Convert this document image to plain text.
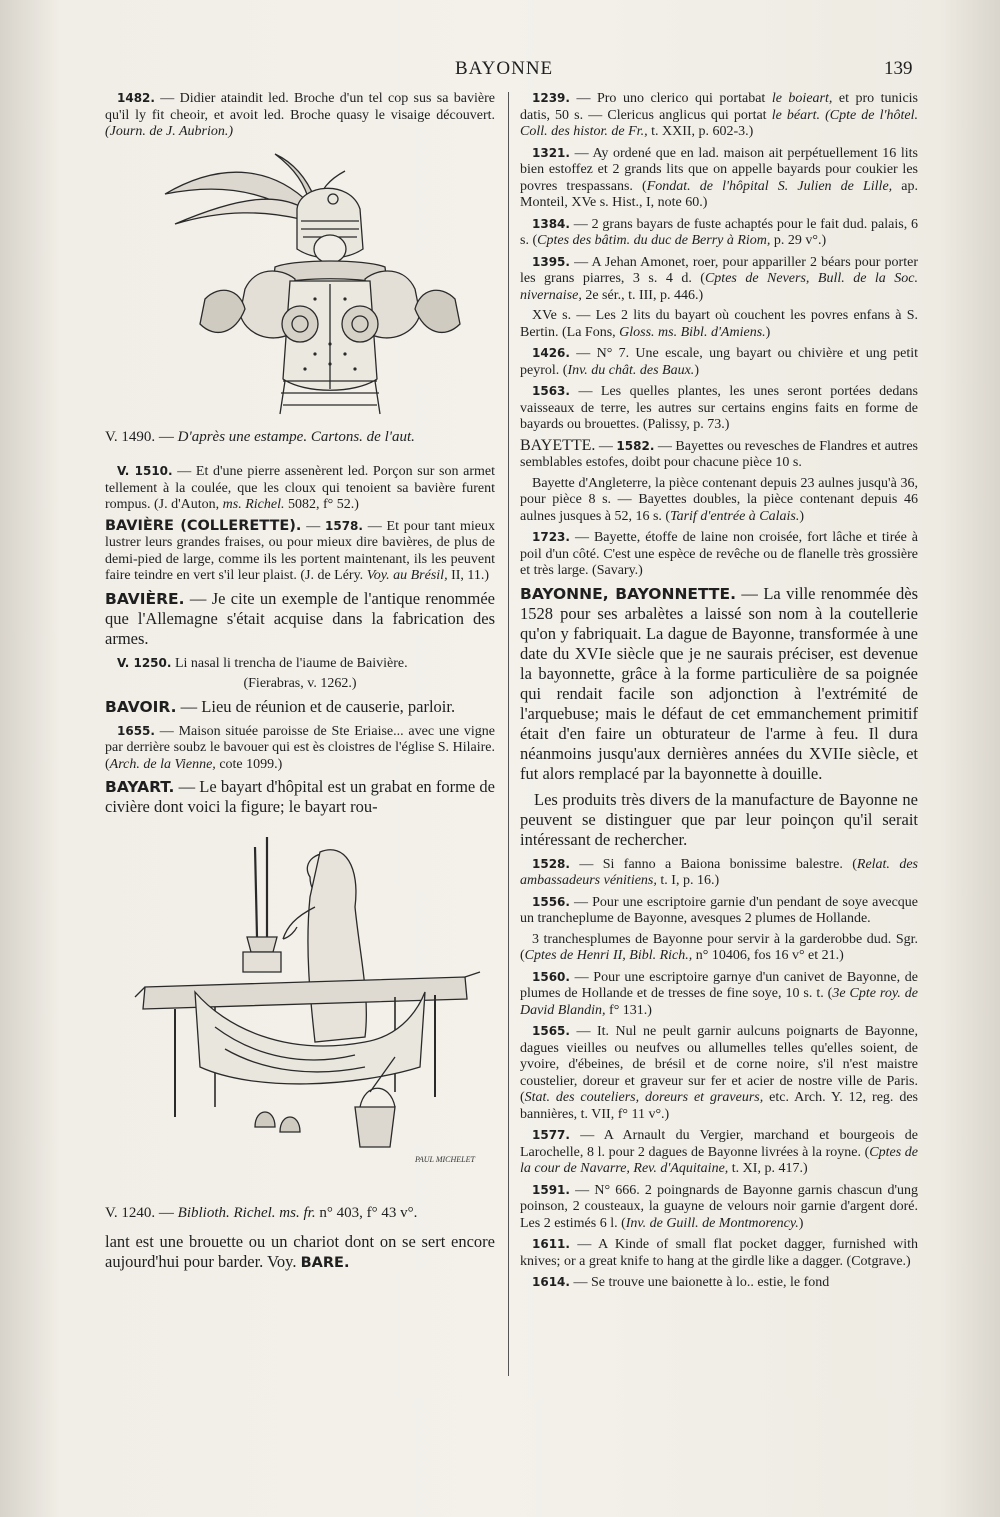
BAYONNE	139

1482. — Didier ataindit led. Broche d'un tel cop sus sa bavière qu'il ly fit cheoir, et avoit led. Broche quasy le visaige découvert. (Journ. de J. Aubrion.)

V. 1490. — D'après une estampe. Cartons. de l'aut.

V. 1510. — Et d'une pierre assenèrent led. Porçon sur son armet tellement à la coulée, que les cloux qui tenoient sa bavière furent rompus. (J. d'Auton, ms. Richel. 5082, f° 52.)

BAVIÈRE (COLLERETTE). — 1578. — Et pour tant mieux lustrer leurs grandes fraises, ou pour mieux dire bavières, de plus de demi-pied de large, comme ils les portent maintenant, ils les peuvent faire teindre en vert s'il leur plaist. (J. de Léry. Voy. au Brésil, II, 11.)

BAVIÈRE. — Je cite un exemple de l'antique renommée que l'Allemagne s'était acquise dans la fabrication des armes.

V. 1250. Li nasal li trencha de l'iaume de Baivière.

(Fierabras, v. 1262.)

BAVOIR. — Lieu de réunion et de causerie, parloir.

1655. — Maison située paroisse de Ste Eriaise... avec une vigne par derrière soubz le bavouer qui est ès cloistres de l'église S. Hilaire. (Arch. de la Vienne, cote 1099.)

BAYART. — Le bayart d'hôpital est un grabat en forme de civière dont voici la figure; le bayart rou-

PAUL MICHELET

V. 1240. — Biblioth. Richel. ms. fr. n° 403, f° 43 v°.

lant est une brouette ou un chariot dont on se sert encore aujourd'hui pour barder. Voy. BARE.

1239. — Pro uno clerico qui portabat le boieart, et pro tunicis datis, 50 s. — Clericus anglicus qui portat le béart. (Cpte de l'hôtel. Coll. des histor. de Fr., t. XXII, p. 602-3.)

1321. — Ay ordené que en lad. maison ait perpétuellement 16 lits bien estoffez et 2 grands lits que on appelle bayards pour coukier les povres trespassans. (Fondat. de l'hôpital S. Julien de Lille, ap. Monteil, XVe s. Hist., I, note 60.)

1384. — 2 grans bayars de fuste achaptés pour le fait dud. palais, 6 s. (Cptes des bâtim. du duc de Berry à Riom, p. 29 v°.)

1395. — A Jehan Amonet, roer, pour appariller 2 béars pour porter les grans piarres, 3 s. 4 d. (Cptes de Nevers, Bull. de la Soc. nivernaise, 2e sér., t. III, p. 446.)

XVe s. — Les 2 lits du bayart où couchent les povres enfans à S. Bertin. (La Fons, Gloss. ms. Bibl. d'Amiens.)

1426. — N° 7. Une escale, ung bayart ou chivière et ung petit peyrol. (Inv. du chât. des Baux.)

1563. — Les quelles plantes, les unes seront portées dedans vaisseaux de terre, les autres sur certains engins faits en forme de bayards ou brouettes. (Palissy, p. 73.)

BAYETTE. — 1582. — Bayettes ou revesches de Flandres et autres semblables estofes, doibt pour chacune pièce 10 s.

Bayette d'Angleterre, la pièce contenant depuis 23 aulnes jusqu'à 36, pour pièce 8 s. — Bayettes doubles, la pièce contenant depuis 46 aulnes jusques à 52, 16 s. (Tarif d'entrée à Calais.)

1723. — Bayette, étoffe de laine non croisée, fort lâche et tirée à poil d'un côté. C'est une espèce de revêche ou de flanelle très grossière et très large. (Savary.)

BAYONNE, BAYONNETTE. — La ville renommée dès 1528 pour ses arbalètes a laissé son nom à la coutellerie qu'on y fabriquait. La dague de Bayonne, transformée à une date du XVIe siècle que je ne saurais préciser, est devenue la bayonnette, grâce à la forme particulière de sa poignée qui rendait facile son adjonction à l'extrémité de l'arquebuse; mais le défaut de cet emmanchement primitif était d'en faire un obturateur de l'arme à feu. Il dura néanmoins jusqu'aux dernières années du XVIIe siècle, et fut alors remplacé par la bayonnette à douille.

Les produits très divers de la manufacture de Bayonne ne peuvent se distinguer que par leur poinçon qu'il serait intéressant de rechercher.

1528. — Si fanno a Baiona bonissime balestre. (Relat. des ambassadeurs vénitiens, t. I, p. 16.)

1556. — Pour une escriptoire garnie d'un pendant de soye avecque un trancheplume de Bayonne, avesques 2 plumes de Hollande.

3 tranchesplumes de Bayonne pour servir à la garderobbe dud. Sgr. (Cptes de Henri II, Bibl. Rich., n° 10406, fos 16 v° et 21.)

1560. — Pour une escriptoire garnye d'un canivet de Bayonne, de plumes de Hollande et de tresses de fine soye, 10 s. t. (3e Cpte roy. de David Blandin, f° 131.)

1565. — It. Nul ne peult garnir aulcuns poignarts de Bayonne, dagues vieilles ou neufves ou allumelles telles qu'elles soient, de yvoire, d'ébeines, de brésil et de corne noire, s'il n'est maistre coustelier, doreur et graveur sur fer et acier de nostre ville de Paris. (Stat. des couteliers, doreurs et graveurs, etc. Arch. Y. 12, reg. des bannières, t. VII, f° 11 v°.)

1577. — A Arnault du Vergier, marchand et bourgeois de Larochelle, 8 l. pour 2 dagues de Bayonne livrées à la royne. (Cptes de la cour de Navarre, Rev. d'Aquitaine, t. XI, p. 417.)

1591. — N° 666. 2 poingnards de Bayonne garnis chascun d'ung poinson, 2 cousteaux, la guayne de velours noir garnie d'argent doré. Les 2 estimés 6 l. (Inv. de Guill. de Montmorency.)

1611. — A Kinde of small flat pocket dagger, furnished with knives; or a great knife to hang at the girdle like a dagger. (Cotgrave.)

1614. — Se trouve une baionette à lo.. estie, le fond
